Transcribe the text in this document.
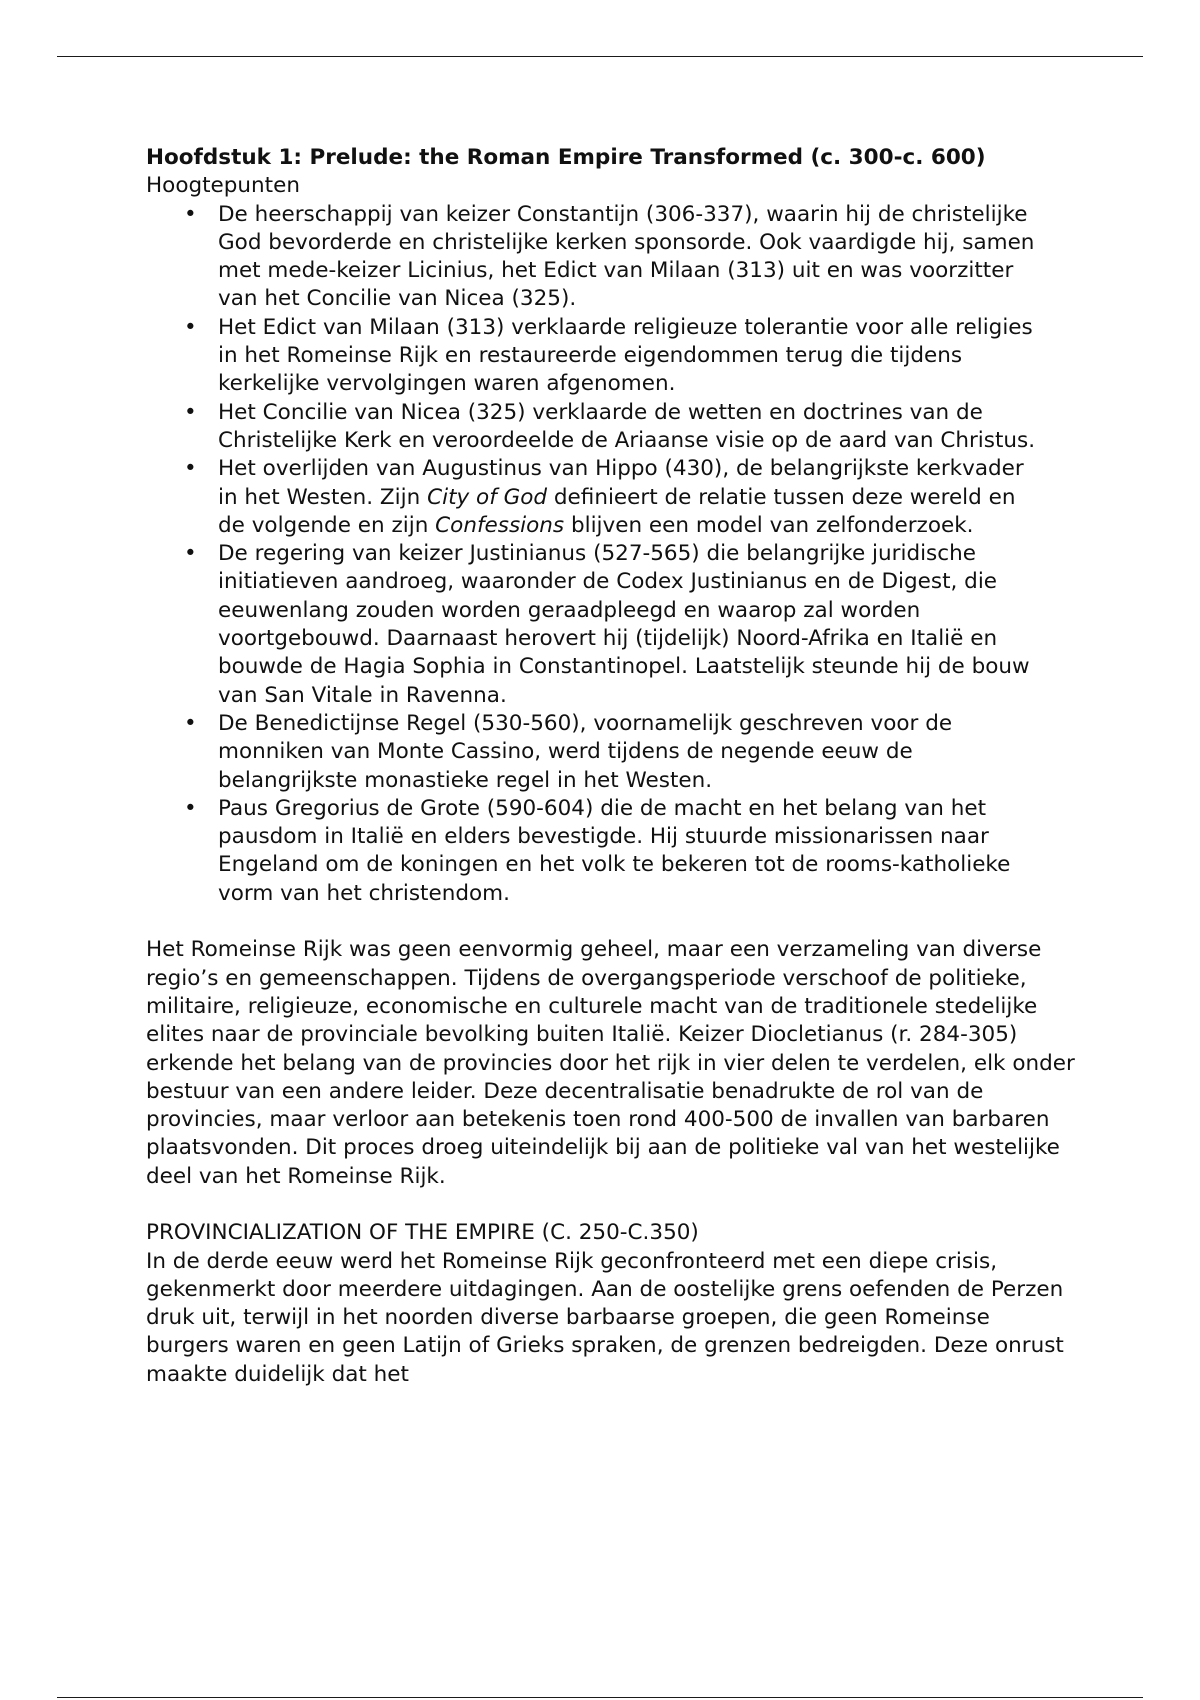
Hoofdstuk 1: Prelude: the Roman Empire Transformed (c. 300-c. 600)

Hoogtepunten

• De heerschappij van keizer Constantijn (306-337), waarin hij de christelijke God bevorderde en christelijke kerken sponsorde. Ook vaardigde hij, samen met mede-keizer Licinius, het Edict van Milaan (313) uit en was voorzitter van het Concilie van Nicea (325).
• Het Edict van Milaan (313) verklaarde religieuze tolerantie voor alle religies in het Romeinse Rijk en restaureerde eigendommen terug die tijdens kerkelijke vervolgingen waren afgenomen.
• Het Concilie van Nicea (325) verklaarde de wetten en doctrines van de Christelijke Kerk en veroordeelde de Ariaanse visie op de aard van Christus.
• Het overlijden van Augustinus van Hippo (430), de belangrijkste kerkvader in het Westen. Zijn City of God definieert de relatie tussen deze wereld en de volgende en zijn Confessions blijven een model van zelfonderzoek.
• De regering van keizer Justinianus (527-565) die belangrijke juridische initiatieven aandroeg, waaronder de Codex Justinianus en de Digest, die eeuwenlang zouden worden geraadpleegd en waarop zal worden voortgebouwd. Daarnaast herovert hij (tijdelijk) Noord-Afrika en Italië en bouwde de Hagia Sophia in Constantinopel. Laatstelijk steunde hij de bouw van San Vitale in Ravenna.
• De Benedictijnse Regel (530-560), voornamelijk geschreven voor de monniken van Monte Cassino, werd tijdens de negende eeuw de belangrijkste monastieke regel in het Westen.
• Paus Gregorius de Grote (590-604) die de macht en het belang van het pausdom in Italië en elders bevestigde. Hij stuurde missionarissen naar Engeland om de koningen en het volk te bekeren tot de rooms-katholieke vorm van het christendom.

Het Romeinse Rijk was geen eenvormig geheel, maar een verzameling van diverse regio’s en gemeenschappen. Tijdens de overgangsperiode verschoof de politieke, militaire, religieuze, economische en culturele macht van de traditionele stedelijke elites naar de provinciale bevolking buiten Italië. Keizer Diocletianus (r. 284-305) erkende het belang van de provincies door het rijk in vier delen te verdelen, elk onder bestuur van een andere leider. Deze decentralisatie benadrukte de rol van de provincies, maar verloor aan betekenis toen rond 400-500 de invallen van barbaren plaatsvonden. Dit proces droeg uiteindelijk bij aan de politieke val van het westelijke deel van het Romeinse Rijk.

PROVINCIALIZATION OF THE EMPIRE (C. 250-C.350)

In de derde eeuw werd het Romeinse Rijk geconfronteerd met een diepe crisis, gekenmerkt door meerdere uitdagingen. Aan de oostelijke grens oefenden de Perzen druk uit, terwijl in het noorden diverse barbaarse groepen, die geen Romeinse burgers waren en geen Latijn of Grieks spraken, de grenzen bedreigden. Deze onrust maakte duidelijk dat het
